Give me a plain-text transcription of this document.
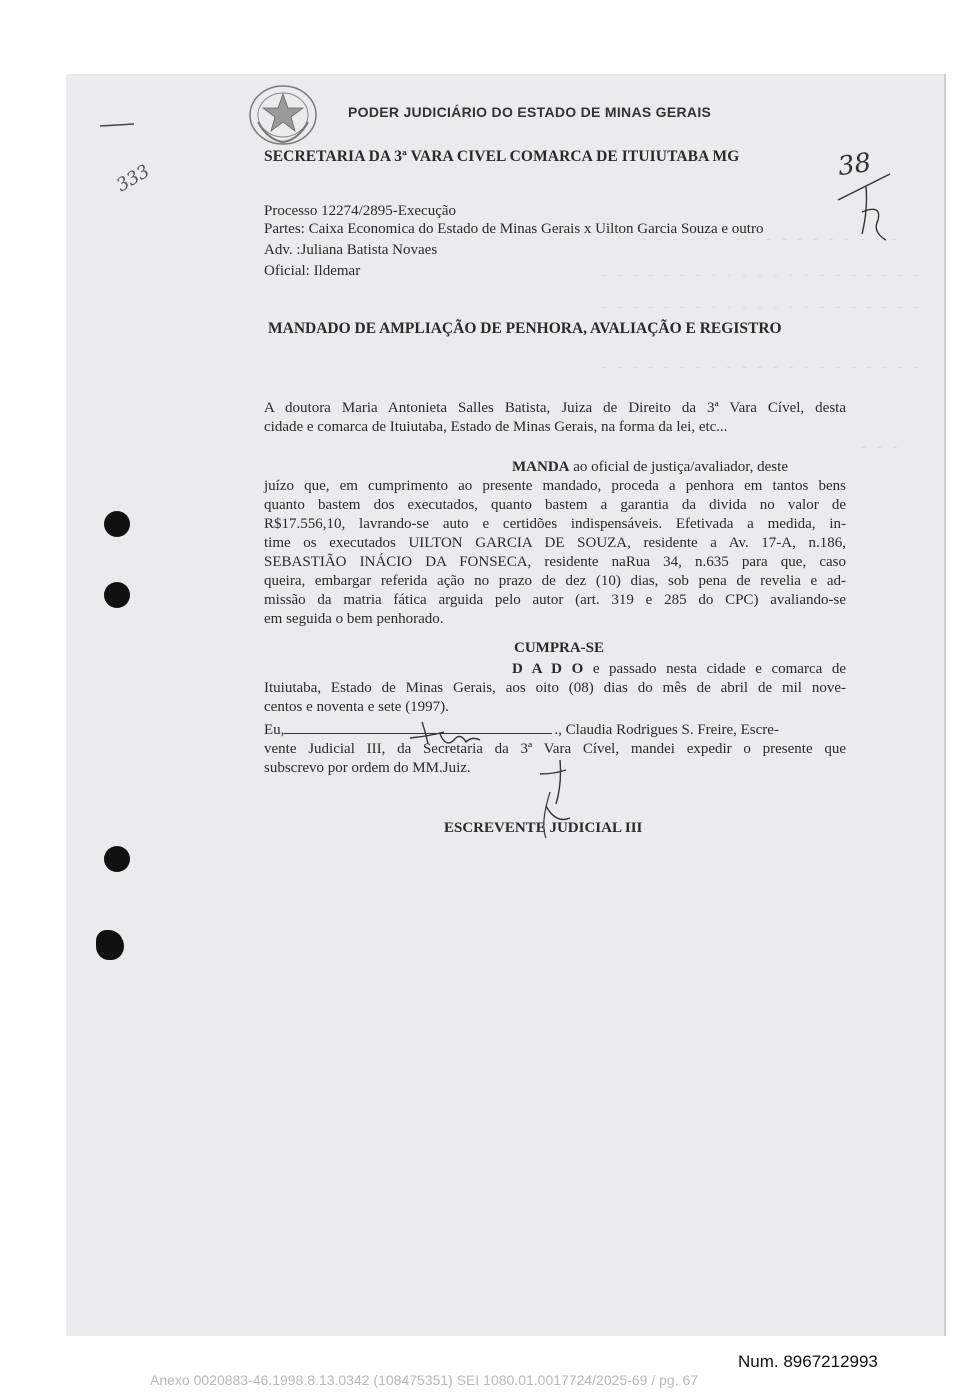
- - - - - - - - - - - - - - - - -
- - - - - - - - - - - - - - - - - - - - -
- - - - - - - - - - - - - - - - - - - - -
- - - - - - - - - - - - - - - - - - - - -
- - -
PODER JUDICIÁRIO DO ESTADO DE MINAS GERAIS
SECRETARIA DA 3ª VARA CIVEL COMARCA DE ITUIUTABA MG
Processo 12274/2895-Execução
Partes: Caixa Economica do Estado de Minas Gerais x Uilton Garcia Souza e outro
Adv. :Juliana Batista Novaes
Oficial: Ildemar
MANDADO DE AMPLIAÇÃO DE PENHORA, AVALIAÇÃO E REGISTRO
A doutora Maria Antonieta Salles Batista, Juiza de Direito da 3ª Vara Cível, desta
cidade e comarca de Ituiutaba, Estado de Minas Gerais, na forma da lei, etc...
MANDA ao oficial de justiça/avaliador, deste
juízo que, em cumprimento ao presente mandado, proceda a penhora em tantos bens
quanto bastem dos executados, quanto bastem a garantia da divida no valor de
R$17.556,10, lavrando-se auto e certidões indispensáveis. Efetivada a medida, in-
time os executados UILTON GARCIA DE SOUZA, residente a Av. 17-A, n.186,
SEBASTIÃO INÁCIO DA FONSECA, residente naRua 34, n.635 para que, caso
queira, embargar referida ação no prazo de dez (10) dias, sob pena de revelia e ad-
missão da matria fática arguida pelo autor (art. 319 e 285 do CPC) avaliando-se
em seguida o bem penhorado.
CUMPRA-SE
D A D O e passado nesta cidade e comarca de
Ituiutaba, Estado de Minas Gerais, aos oito (08) dias do mês de abril de mil nove-
centos e noventa e sete (1997).
Eu,	., Claudia Rodrigues S. Freire, Escre-
vente Judicial III, da Secretaria da 3ª Vara Cível, mandei expedir o presente que
subscrevo por ordem do MM.Juiz.
ESCREVENTE JUDICIAL III
333	38
Num. 8967212993
Anexo 0020883-46.1998.8.13.0342 (108475351) SEI 1080.01.0017724/2025-69 / pg. 67
